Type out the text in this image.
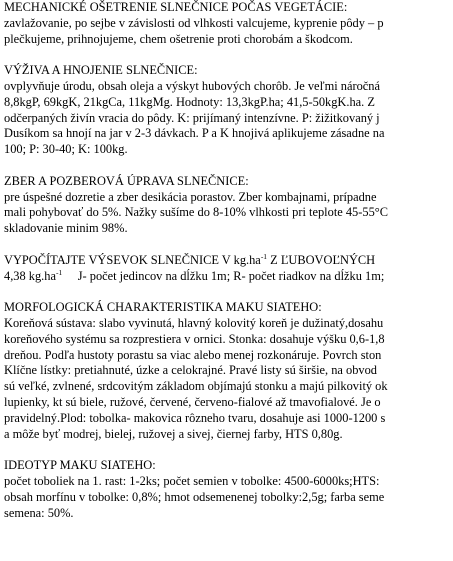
MECHANICKÉ OŠETRENIE SLNEČNICE POČAS VEGETÁCIE:
zavlažovanie, po sejbe v závislosti od vlhkosti valcujeme, kyprenie pôdy – p
plečkujeme, prihnojujeme, chem ošetrenie proti chorobám a škodcom.
VÝŽIVA A HNOJENIE SLNEČNICE:
ovplyvňuje úrodu, obsah oleja a výskyt hubových chorôb. Je veľmi náročná
8,8kgP, 69kgK, 21kgCa, 11kgMg. Hodnoty: 13,3kgP.ha; 41,5-50kgK.ha. Z
odčerpaných živín vracia do pôdy. K: prijímaný intenzívne. P: žižitkovaný j
Dusíkom sa hnojí na jar v 2-3 dávkach. P a K hnojivá aplikujeme zásadne na
100; P: 30-40; K: 100kg.
ZBER A POZBEROVÁ ÚPRAVA SLNEČNICE:
pre úspešné dozretie a zber desikácia porastov. Zber kombajnami, prípadne
mali pohybovať do 5%. Nažky sušíme do 8-10% vlhkosti pri teplote 45-55°C
skladovanie minim 98%.
VYPOČÍTAJTE VÝSEVOK SLNEČNICE V $kg.ha^{-1}$ Z ĽUBOVOĽNÝCH
4,38 $kg.ha^{-1}$     J- počet jedincov na dĺžku 1m; R- počet riadkov na dĺžku 1m;
MORFOLOGICKÁ CHARAKTERISTIKA MAKU SIATEHO:
Koreňová sústava: slabo vyvinutá, hlavný kolovitý koreň je dužinatý,dosahu
koreňového systému sa rozprestiera v ornici. Stonka: dosahuje výšku 0,6-1,8
dreňou. Podľa hustoty porastu sa viac alebo menej rozkonáruje. Povrch ston
Klíčne lístky: pretiahnuté, úzke a celokrajné. Pravé listy sú širšie, na obvod
sú veľké, zvlnené, srdcovitým základom objímajú stonku a majú pilkovitý ok
lupienky, kt sú biele, ružové, červené, červeno-fialové až tmavofialové. Je o
pravidelný.Plod: tobolka- makovica rôzneho tvaru, dosahuje asi 1000-1200 s
a môže byť modrej, bielej, ružovej a sivej, čiernej farby, HTS 0,80g.
IDEOTYP MAKU SIATEHO:
počet toboliek na 1. rast: 1-2ks; počet semien v tobolke: 4500-6000ks;HTS:
obsah morfínu v tobolke: 0,8%; hmot odsemenenej tobolky:2,5g; farba seme
semena: 50%.
